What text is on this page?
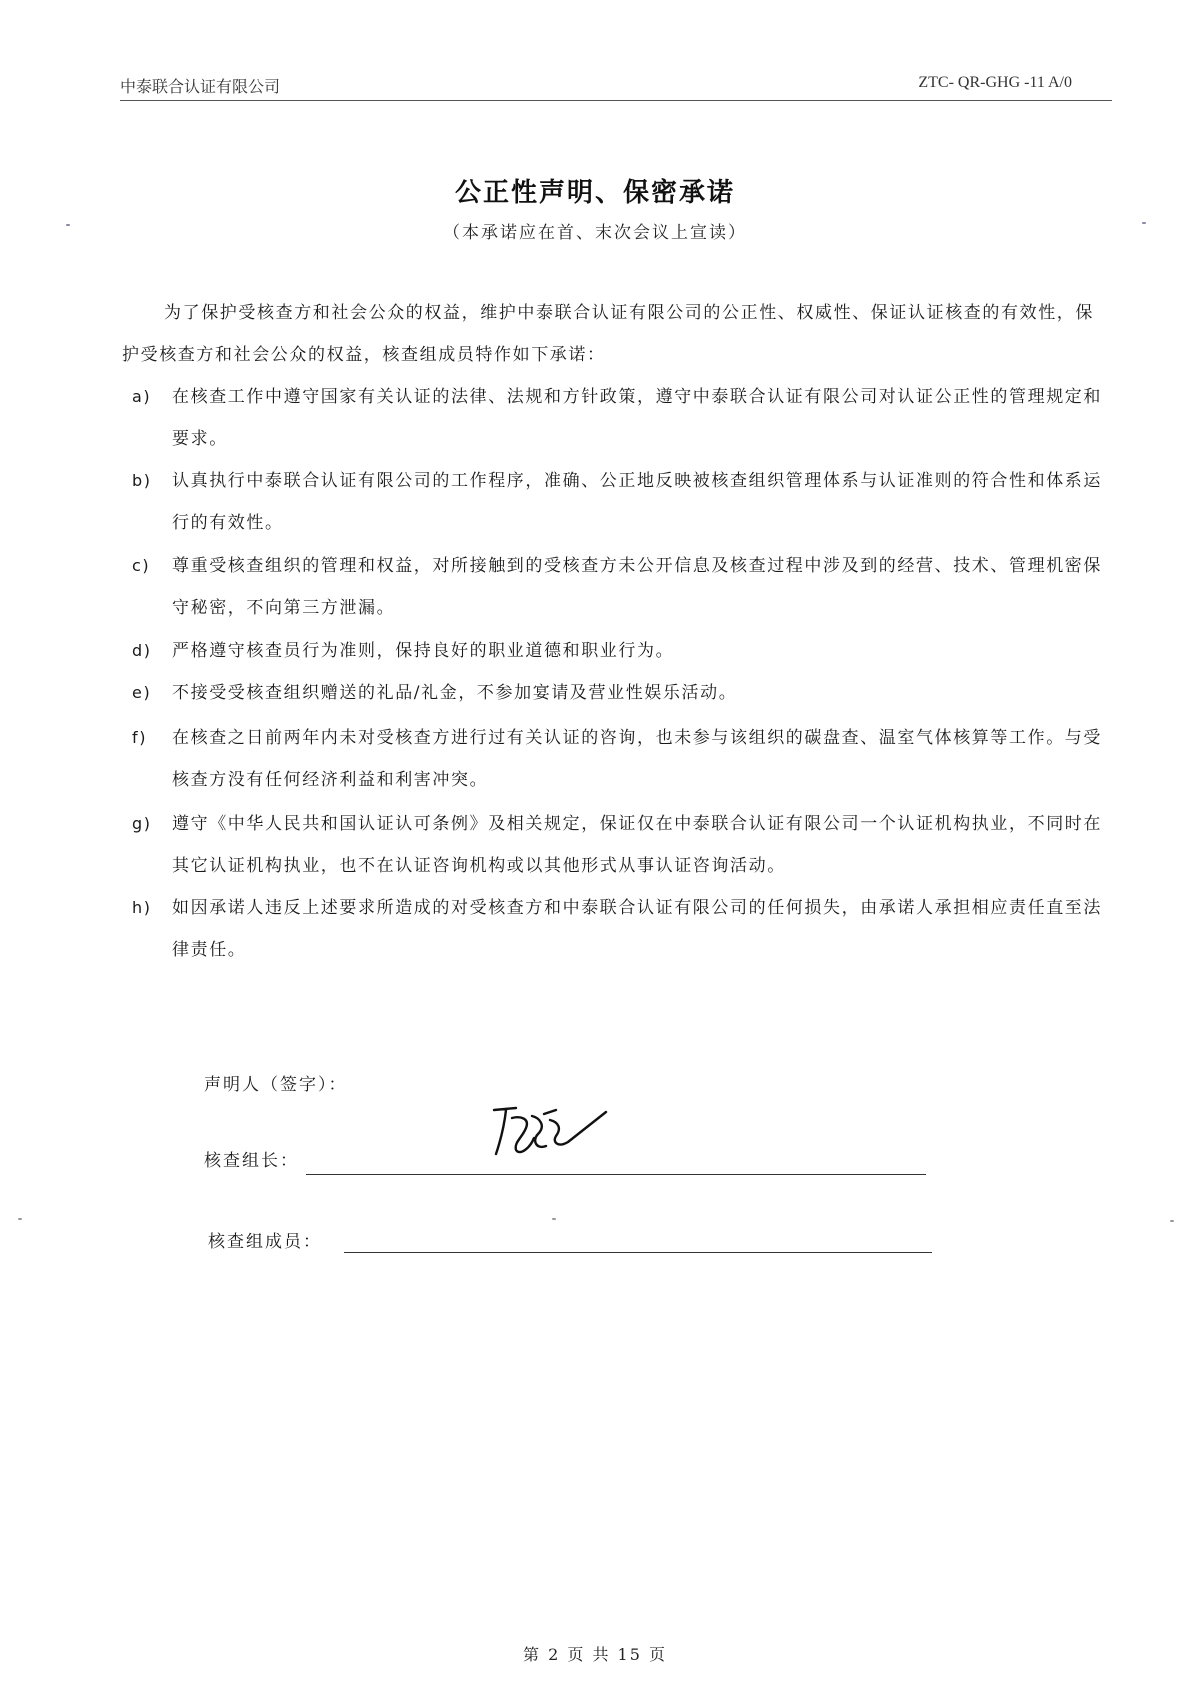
中泰联合认证有限公司	ZTC- QR-GHG -11 A/0
公正性声明、保密承诺
（本承诺应在首、末次会议上宣读）
为了保护受核查方和社会公众的权益，维护中泰联合认证有限公司的公正性、权威性、保证认证核查的有效性，保护受核查方和社会公众的权益，核查组成员特作如下承诺：
a) 在核查工作中遵守国家有关认证的法律、法规和方针政策，遵守中泰联合认证有限公司对认证公正性的管理规定和要求。
b) 认真执行中泰联合认证有限公司的工作程序，准确、公正地反映被核查组织管理体系与认证准则的符合性和体系运行的有效性。
c) 尊重受核查组织的管理和权益，对所接触到的受核查方未公开信息及核查过程中涉及到的经营、技术、管理机密保守秘密，不向第三方泄漏。
d) 严格遵守核查员行为准则，保持良好的职业道德和职业行为。
e) 不接受受核查组织赠送的礼品/礼金，不参加宴请及营业性娱乐活动。
f) 在核查之日前两年内未对受核查方进行过有关认证的咨询，也未参与该组织的碳盘查、温室气体核算等工作。与受核查方没有任何经济利益和利害冲突。
g) 遵守《中华人民共和国认证认可条例》及相关规定，保证仅在中泰联合认证有限公司一个认证机构执业，不同时在其它认证机构执业，也不在认证咨询机构或以其他形式从事认证咨询活动。
h) 如因承诺人违反上述要求所造成的对受核查方和中泰联合认证有限公司的任何损失，由承诺人承担相应责任直至法律责任。
声明人（签字）：
核查组长：
核查组成员：
第 2 页 共 15 页
